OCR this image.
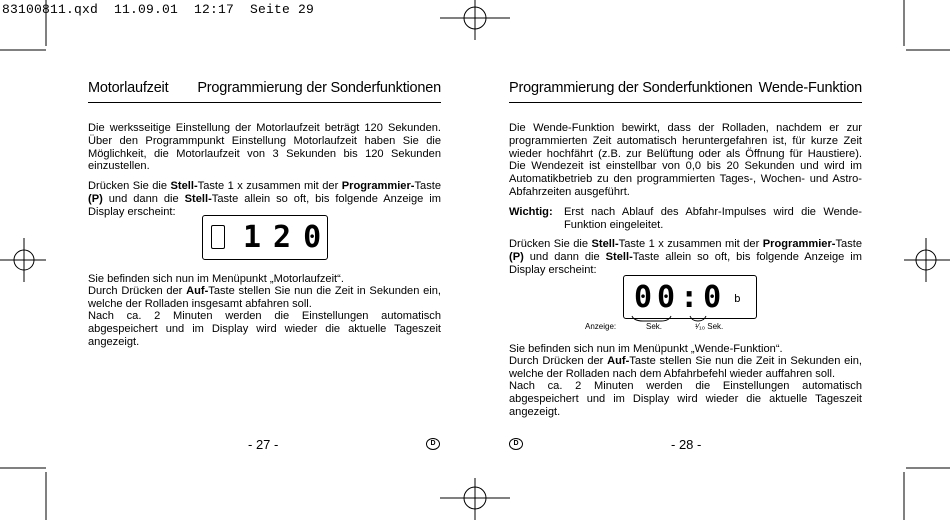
83100811.qxd  11.09.01  12:17  Seite 29
Motorlaufzeit Programmierung der Sonderfunktionen

Die werksseitige Einstellung der Motorlaufzeit beträgt 120 Sekunden. Über den Programmpunkt Einstellung Motorlaufzeit haben Sie die Möglichkeit, die Motorlaufzeit von 3 Sekunden bis 120 Sekunden einzustellen.

Drücken Sie die Stell-Taste 1 x zusammen mit der Programmier-Taste (P) und dann die Stell-Taste allein so oft, bis folgende Anzeige im Display erscheint:

120

Sie befinden sich nun im Menüpunkt „Motorlaufzeit“.

Durch Drücken der Auf-Taste stellen Sie nun die Zeit in Sekunden ein, welche der Rolladen insgesamt abfahren soll.

Nach ca. 2 Minuten werden die Einstellungen automatisch abgespeichert und im Display wird wieder die aktuelle Tageszeit angezeigt.

- 27 -	D
Programmierung der Sonderfunktionen Wende-Funktion

Die Wende-Funktion bewirkt, dass der Rolladen, nachdem er zur programmierten Zeit automatisch heruntergefahren ist, für kurze Zeit wieder hochfährt (z.B. zur Belüftung oder als Öffnung für Haustiere). Die Wendezeit ist einstellbar von 0,0 bis 20 Sekunden und wird im Automatikbetrieb zu den programmierten Tages-, Wochen- und Astro-Abfahrzeiten ausgeführt.

Wichtig: Erst nach Ablauf des Abfahr-Impulses wird die Wende-Funktion eingeleitet.

Drücken Sie die Stell-Taste 1 x zusammen mit der Programmier-Taste (P) und dann die Stell-Taste allein so oft, bis folgende Anzeige im Display erscheint:

00:0 b
Anzeige:	Sek.	¹⁄₁₀ Sek.

Sie befinden sich nun im Menüpunkt „Wende-Funktion“.

Durch Drücken der Auf-Taste stellen Sie nun die Zeit in Sekunden ein, welche der Rolladen nach dem Abfahrbefehl wieder auffahren soll.

Nach ca. 2 Minuten werden die Einstellungen automatisch abgespeichert und im Display wird wieder die aktuelle Tageszeit angezeigt.

D	- 28 -
